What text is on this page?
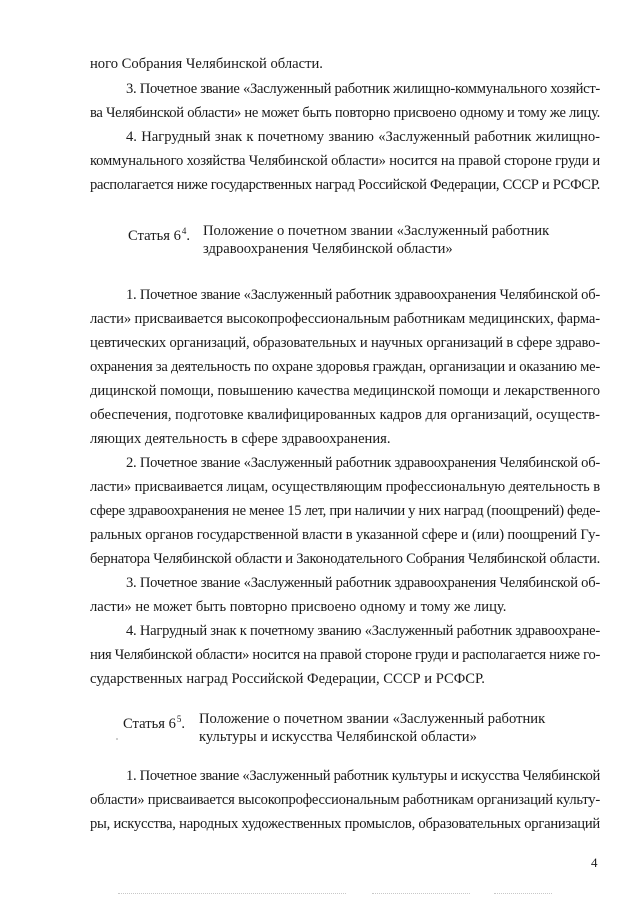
ного Собрания Челябинской области.
3. Почетное звание «Заслуженный работник жилищно-коммунального хозяйст-
ва Челябинской области» не может быть повторно присвоено одному и тому же лицу.
4. Нагрудный знак к почетному званию «Заслуженный работник жилищно-
коммунального хозяйства Челябинской области» носится на правой стороне груди и
располагается ниже государственных наград Российской Федерации, СССР и РСФСР.
Статья $6^4$. Положение о почетном звании «Заслуженный работник
здравоохранения Челябинской области»
1. Почетное звание «Заслуженный работник здравоохранения Челябинской об-
ласти» присваивается высокопрофессиональным работникам медицинских, фарма-
цевтических организаций, образовательных и научных организаций в сфере здраво-
охранения за деятельность по охране здоровья граждан, организации и оказанию ме-
дицинской помощи, повышению качества медицинской помощи и лекарственного
обеспечения, подготовке квалифицированных кадров для организаций, осуществ-
ляющих деятельность в сфере здравоохранения.
2. Почетное звание «Заслуженный работник здравоохранения Челябинской об-
ласти» присваивается лицам, осуществляющим профессиональную деятельность в
сфере здравоохранения не менее 15 лет, при наличии у них наград (поощрений) феде-
ральных органов государственной власти в указанной сфере и (или) поощрений Гу-
бернатора Челябинской области и Законодательного Собрания Челябинской области.
3. Почетное звание «Заслуженный работник здравоохранения Челябинской об-
ласти» не может быть повторно присвоено одному и тому же лицу.
4. Нагрудный знак к почетному званию «Заслуженный работник здравоохране-
ния Челябинской области» носится на правой стороне груди и располагается ниже го-
сударственных наград Российской Федерации, СССР и РСФСР.
Статья $6^5$. Положение о почетном звании «Заслуженный работник
культуры и искусства Челябинской области»
1. Почетное звание «Заслуженный работник культуры и искусства Челябинской
области» присваивается высокопрофессиональным работникам организаций культу-
ры, искусства, народных художественных промыслов, образовательных организаций
4
